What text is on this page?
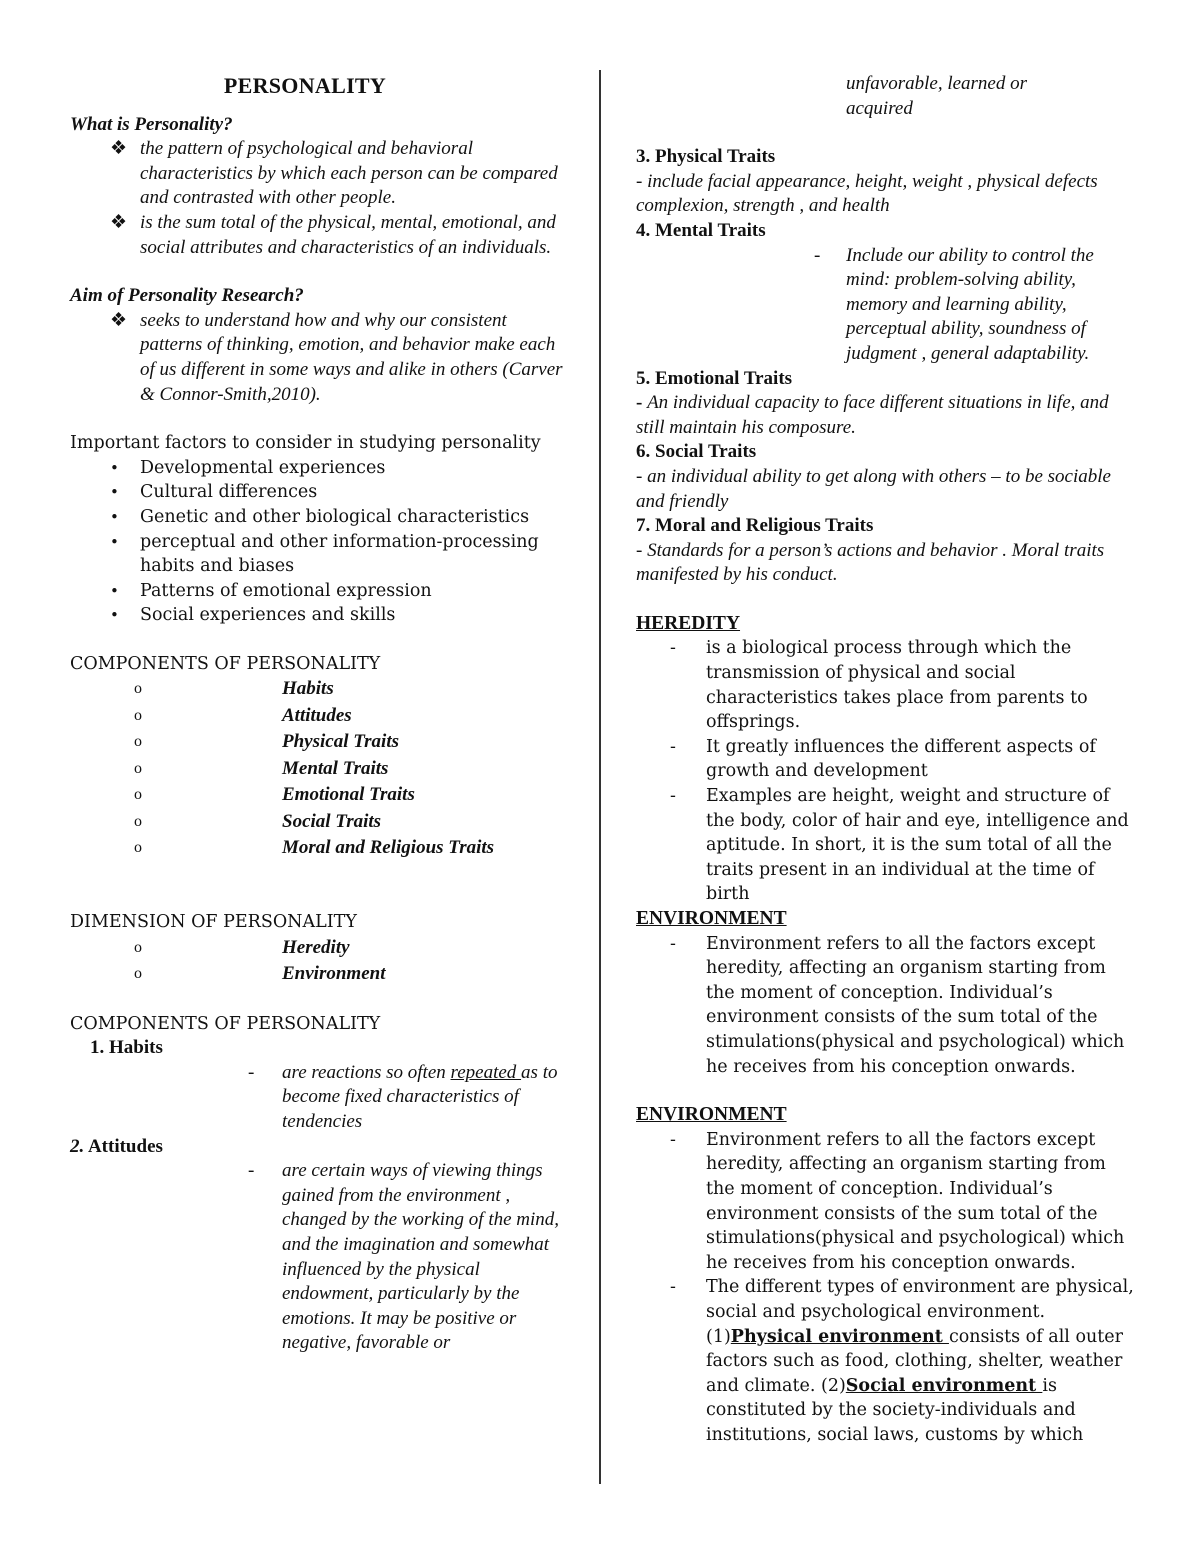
PERSONALITY
What is Personality?
❖ the pattern of psychological and behavioral characteristics by which each person can be compared and contrasted with other people.
❖ is the sum total of the physical, mental, emotional, and social attributes and characteristics of an individuals.
Aim of Personality Research?
❖ seeks to understand how and why our consistent patterns of thinking, emotion, and behavior make each of us different in some ways and alike in others (Carver & Connor-Smith,2010).
Important factors to consider in studying personality
• Developmental experiences
• Cultural differences
• Genetic and other biological characteristics
• perceptual and other information-processing habits and biases
• Patterns of emotional expression
• Social experiences and skills
COMPONENTS OF PERSONALITY
o	Habits
o	Attitudes
o	Physical Traits
o	Mental Traits
o	Emotional Traits
o	Social Traits
o	Moral and Religious Traits
DIMENSION OF PERSONALITY
o	Heredity
o	Environment
COMPONENTS OF PERSONALITY
1. Habits
- are reactions so often repeated as to become fixed characteristics of tendencies
2. Attitudes
- are certain ways of viewing things gained from the environment , changed by the working of the mind, and the imagination and somewhat influenced by the physical endowment, particularly by the emotions. It may be positive or negative, favorable or
unfavorable, learned or acquired
3. Physical Traits
- include facial appearance, height, weight , physical defects complexion, strength , and health
4. Mental Traits
- Include our ability to control the mind: problem-solving ability, memory and learning ability, perceptual ability, soundness of judgment , general adaptability.
5. Emotional Traits
- An individual capacity to face different situations in life, and still maintain his composure.
6. Social Traits
- an individual ability to get along with others – to be sociable and friendly
7. Moral and Religious Traits
- Standards for a person’s actions and behavior . Moral traits manifested by his conduct.
HEREDITY
- is a biological process through which the transmission of physical and social characteristics takes place from parents to offsprings.
- It greatly influences the different aspects of growth and development
- Examples are height, weight and structure of the body, color of hair and eye, intelligence and aptitude. In short, it is the sum total of all the traits present in an individual at the time of birth
ENVIRONMENT
- Environment refers to all the factors except heredity, affecting an organism starting from the moment of conception. Individual’s environment consists of the sum total of the stimulations(physical and psychological) which he receives from his conception onwards.
ENVIRONMENT
- Environment refers to all the factors except heredity, affecting an organism starting from the moment of conception. Individual’s environment consists of the sum total of the stimulations(physical and psychological) which he receives from his conception onwards.
- The different types of environment are physical, social and psychological environment. (1)Physical environment consists of all outer factors such as food, clothing, shelter, weather and climate. (2)Social environment is constituted by the society-individuals and institutions, social laws, customs by which
